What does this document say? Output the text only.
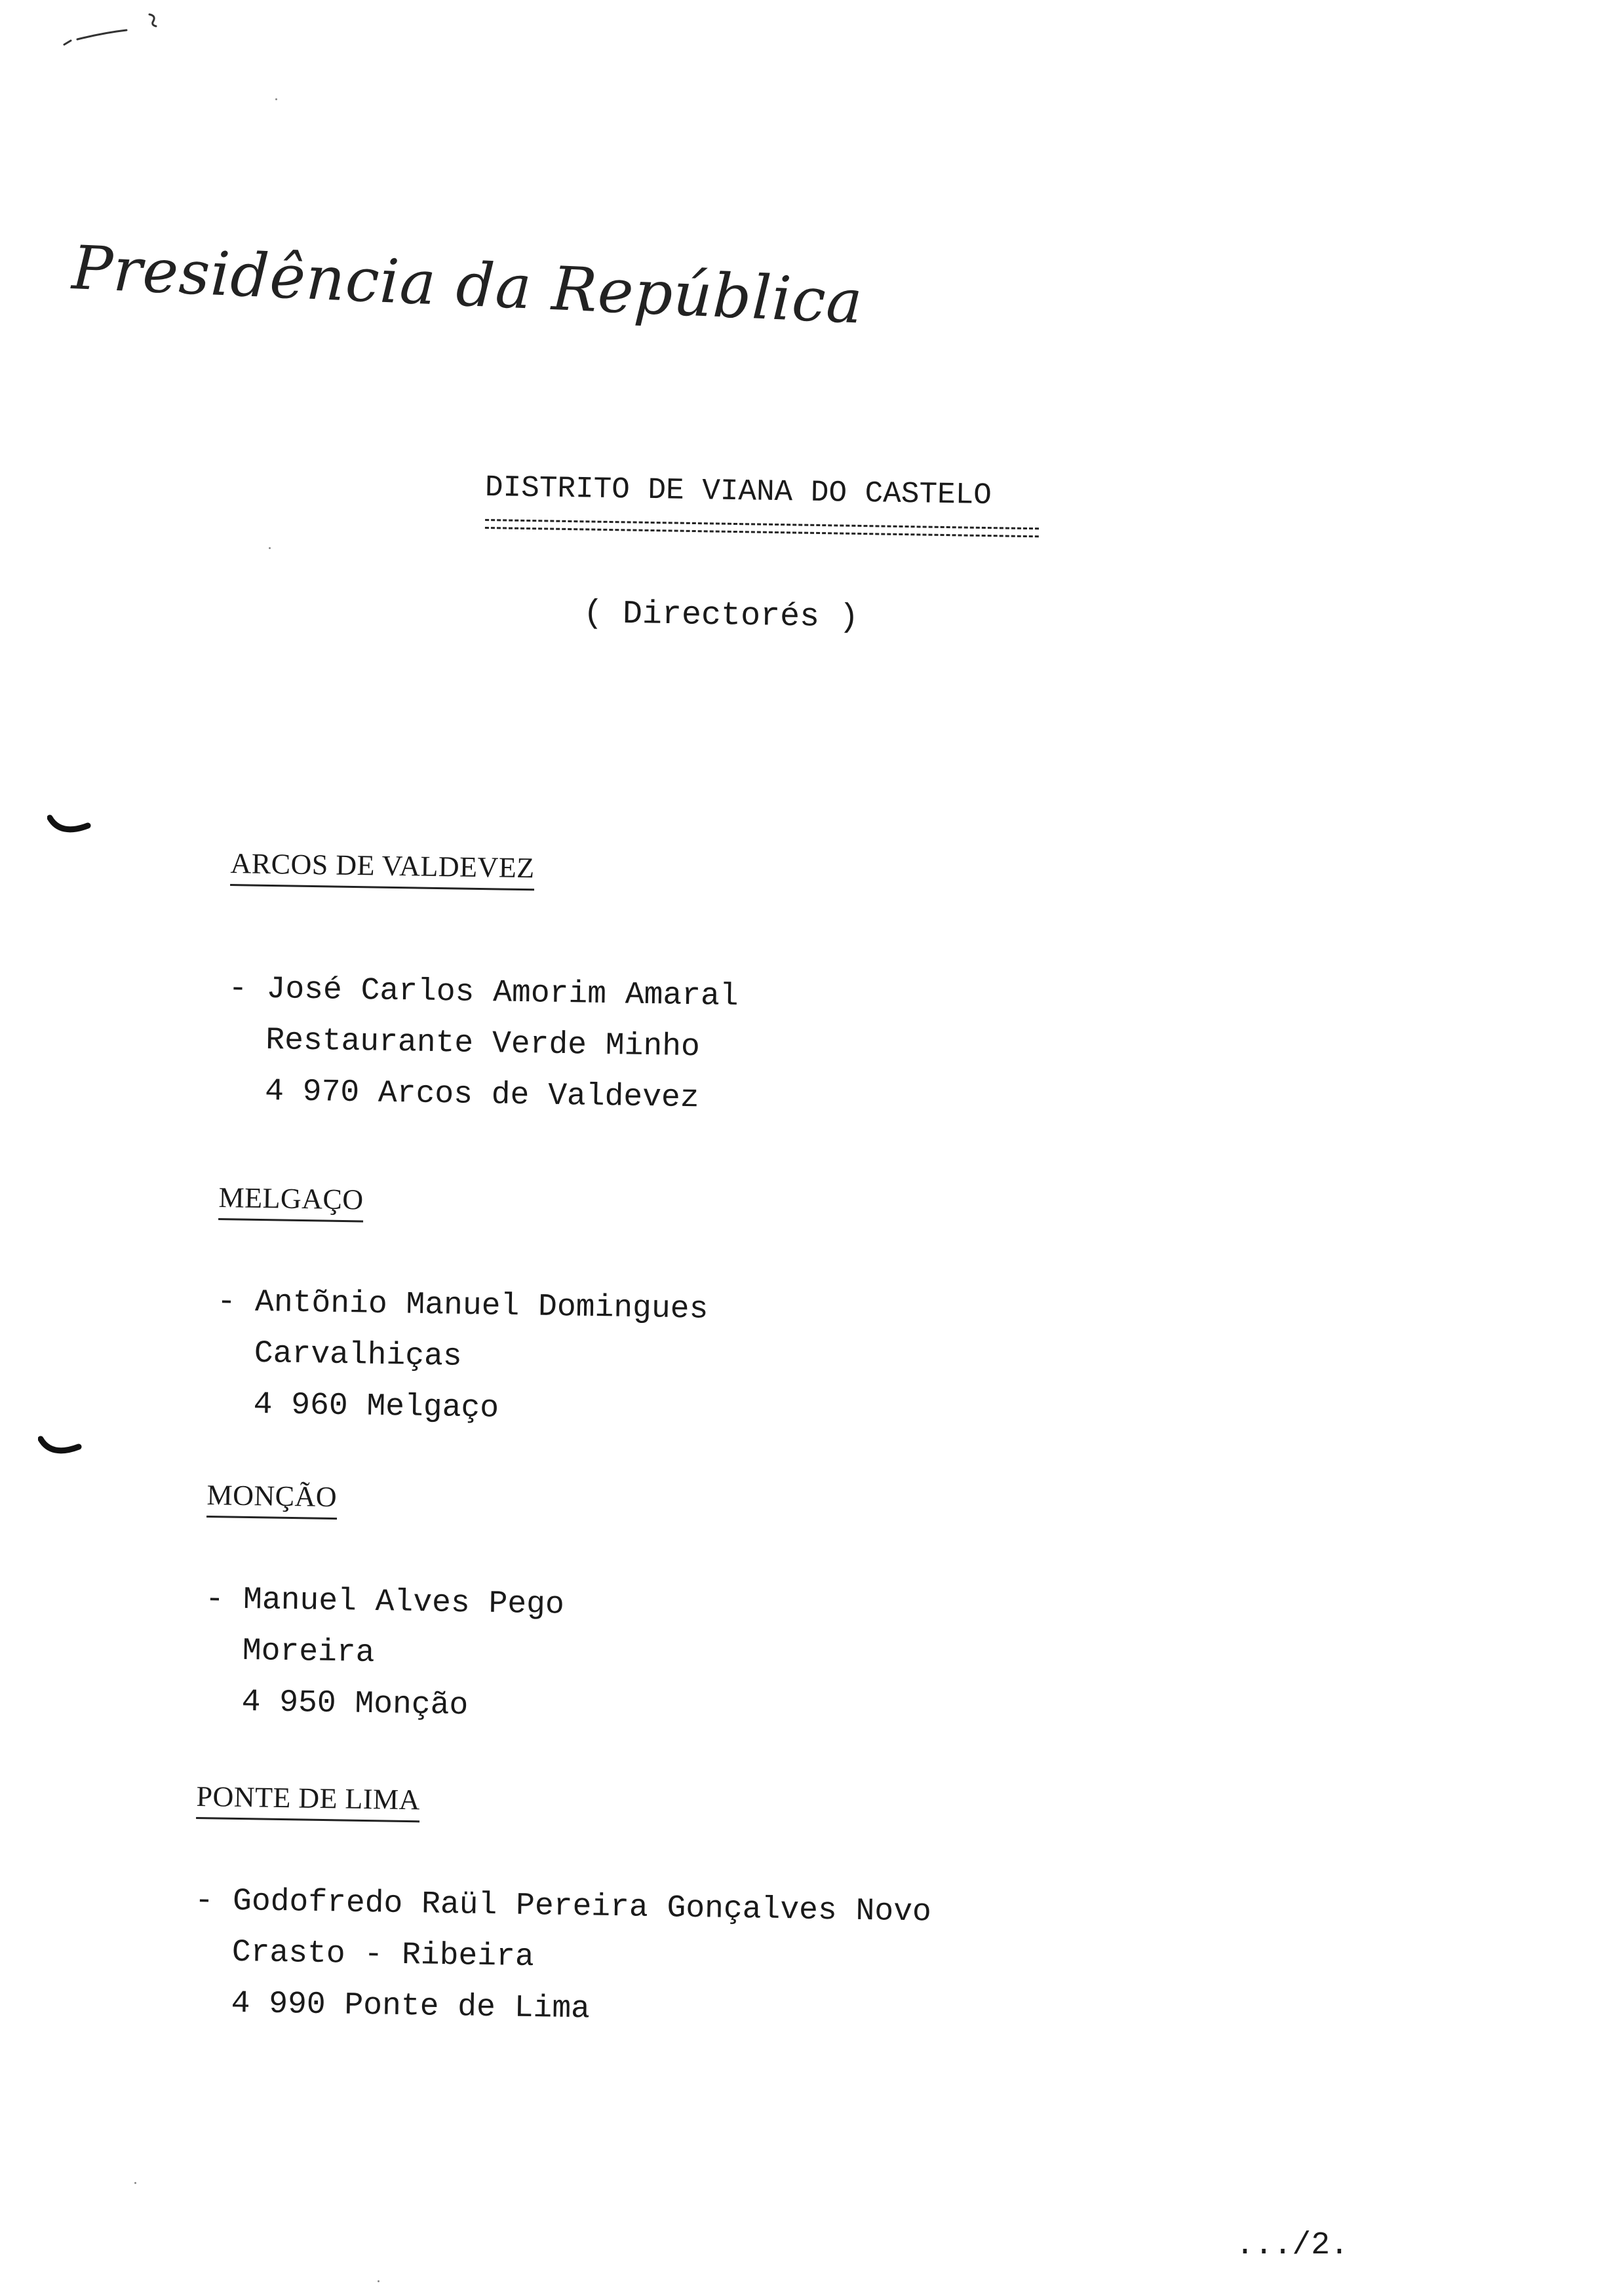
Presidência da República
DISTRITO DE VIANA DO CASTELO
( Directorés )
ARCOS DE VALDEVEZ
- José Carlos Amorim Amaral
Restaurante Verde Minho
4 970 Arcos de Valdevez
MELGAÇO
- Antõnio Manuel Domingues
Carvalhiças
4 960 Melgaço
MONÇÃO
- Manuel Alves Pego
Moreira
4 950 Monção
PONTE DE LIMA
- Godofredo Raül Pereira Gonçalves Novo
Crasto - Ribeira
4 990 Ponte de Lima
.../2.
